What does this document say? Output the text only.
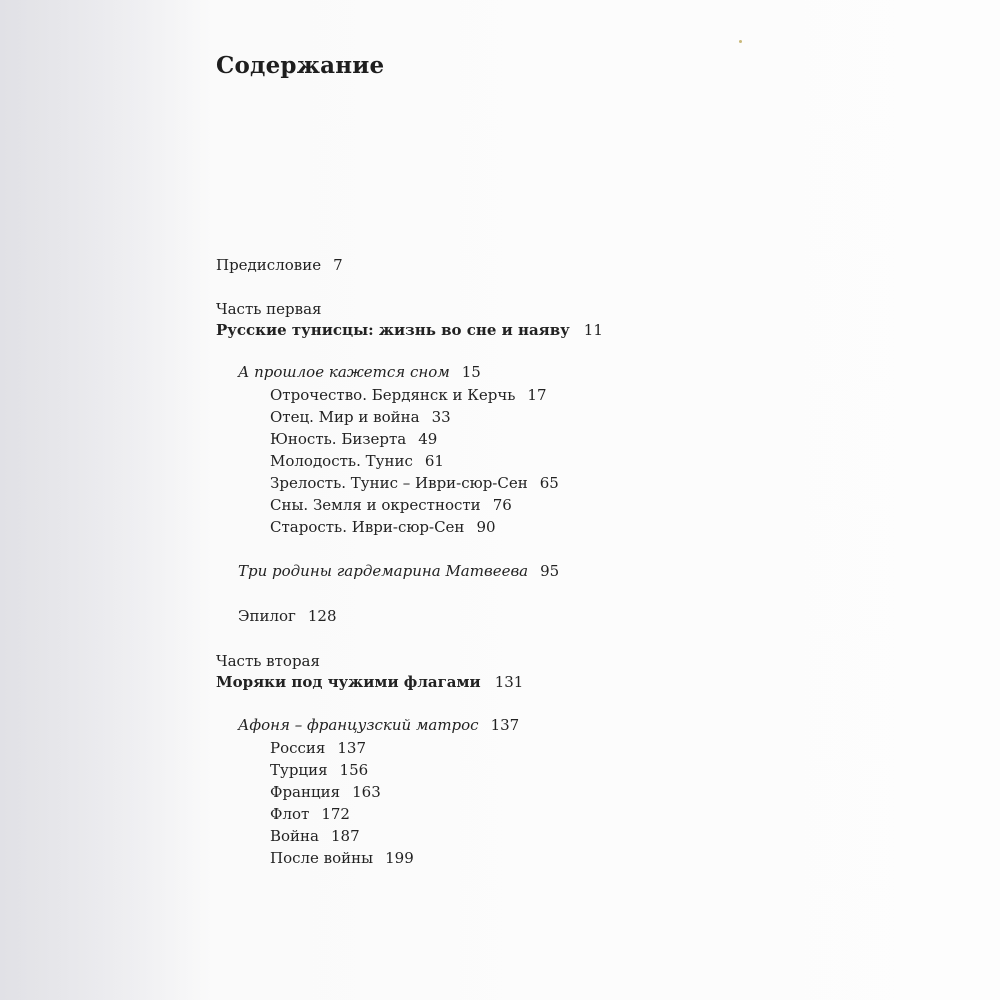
Содержание
Предисловие 7
Часть первая
Русские тунисцы: жизнь во сне и наяву 11
А прошлое кажется сном 15
Отрочество. Бердянск и Керчь 17
Отец. Мир и война 33
Юность. Бизерта 49
Молодость. Тунис 61
Зрелость. Тунис – Иври-сюр-Сен 65
Сны. Земля и окрестности 76
Старость. Иври-сюр-Сен 90
Три родины гардемарина Матвеева 95
Эпилог 128
Часть вторая
Моряки под чужими флагами 131
Афоня – французский матрос 137
Россия 137
Турция 156
Франция 163
Флот 172
Война 187
После войны 199
